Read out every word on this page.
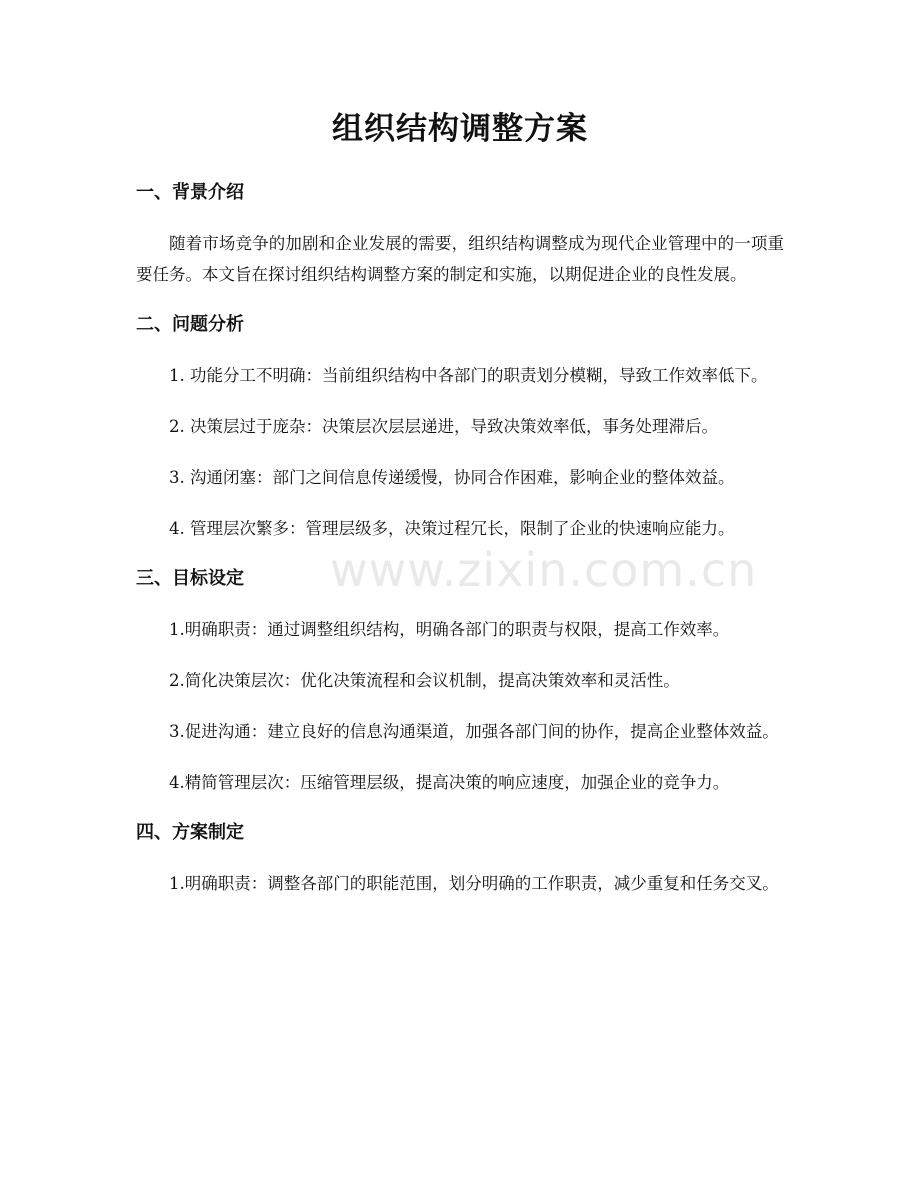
组织结构调整方案
一、背景介绍

随着市场竞争的加剧和企业发展的需要，组织结构调整成为现代企业管理中的一项重要任务。本文旨在探讨组织结构调整方案的制定和实施，以期促进企业的良性发展。

二、问题分析

1. 功能分工不明确：当前组织结构中各部门的职责划分模糊，导致工作效率低下。

2. 决策层过于庞杂：决策层次层层递进，导致决策效率低，事务处理滞后。

3. 沟通闭塞：部门之间信息传递缓慢，协同合作困难，影响企业的整体效益。

4. 管理层次繁多：管理层级多，决策过程冗长，限制了企业的快速响应能力。

三、目标设定

1.明确职责：通过调整组织结构，明确各部门的职责与权限，提高工作效率。

2.简化决策层次：优化决策流程和会议机制，提高决策效率和灵活性。

3.促进沟通：建立良好的信息沟通渠道，加强各部门间的协作，提高企业整体效益。

4.精简管理层次：压缩管理层级，提高决策的响应速度，加强企业的竞争力。

四、方案制定

1.明确职责：调整各部门的职能范围，划分明确的工作职责，减少重复和任务交叉。

www.zixin.com.cn
